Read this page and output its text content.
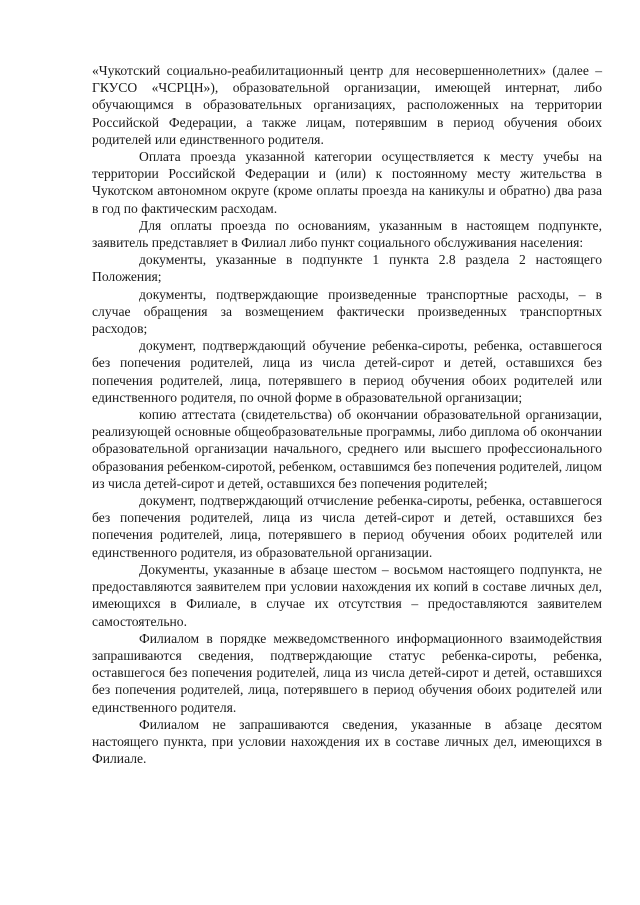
«Чукотский социально-реабилитационный центр для несовершеннолетних» (далее – ГКУСО «ЧСРЦН»), образовательной организации, имеющей интернат, либо обучающимся в образовательных организациях, расположенных на территории Российской Федерации, а также лицам, потерявшим в период обучения обоих родителей или единственного родителя.

Оплата проезда указанной категории осуществляется к месту учебы на территории Российской Федерации и (или) к постоянному месту жительства в Чукотском автономном округе (кроме оплаты проезда на каникулы и обратно) два раза в год по фактическим расходам.

Для оплаты проезда по основаниям, указанным в настоящем подпункте, заявитель представляет в Филиал либо пункт социального обслуживания населения:

документы, указанные в подпункте 1 пункта 2.8 раздела 2 настоящего Положения;

документы, подтверждающие произведенные транспортные расходы, – в случае обращения за возмещением фактически произведенных транспортных расходов;

документ, подтверждающий обучение ребенка-сироты, ребенка, оставшегося без попечения родителей, лица из числа детей-сирот и детей, оставшихся без попечения родителей, лица, потерявшего в период обучения обоих родителей или единственного родителя, по очной форме в образовательной организации;

копию аттестата (свидетельства) об окончании образовательной организации, реализующей основные общеобразовательные программы, либо диплома об окончании образовательной организации начального, среднего или высшего профессионального образования ребенком-сиротой, ребенком, оставшимся без попечения родителей, лицом из числа детей-сирот и детей, оставшихся без попечения родителей;

документ, подтверждающий отчисление ребенка-сироты, ребенка, оставшегося без попечения родителей, лица из числа детей-сирот и детей, оставшихся без попечения родителей, лица, потерявшего в период обучения обоих родителей или единственного родителя, из образовательной организации.

Документы, указанные в абзаце шестом – восьмом настоящего подпункта, не предоставляются заявителем при условии нахождения их копий в составе личных дел, имеющихся в Филиале, в случае их отсутствия – предоставляются заявителем самостоятельно.

Филиалом в порядке межведомственного информационного взаимодействия запрашиваются сведения, подтверждающие статус ребенка-сироты, ребенка, оставшегося без попечения родителей, лица из числа детей-сирот и детей, оставшихся без попечения родителей, лица, потерявшего в период обучения обоих родителей или единственного родителя.

Филиалом не запрашиваются сведения, указанные в абзаце десятом настоящего пункта, при условии нахождения их в составе личных дел, имеющихся в Филиале.
